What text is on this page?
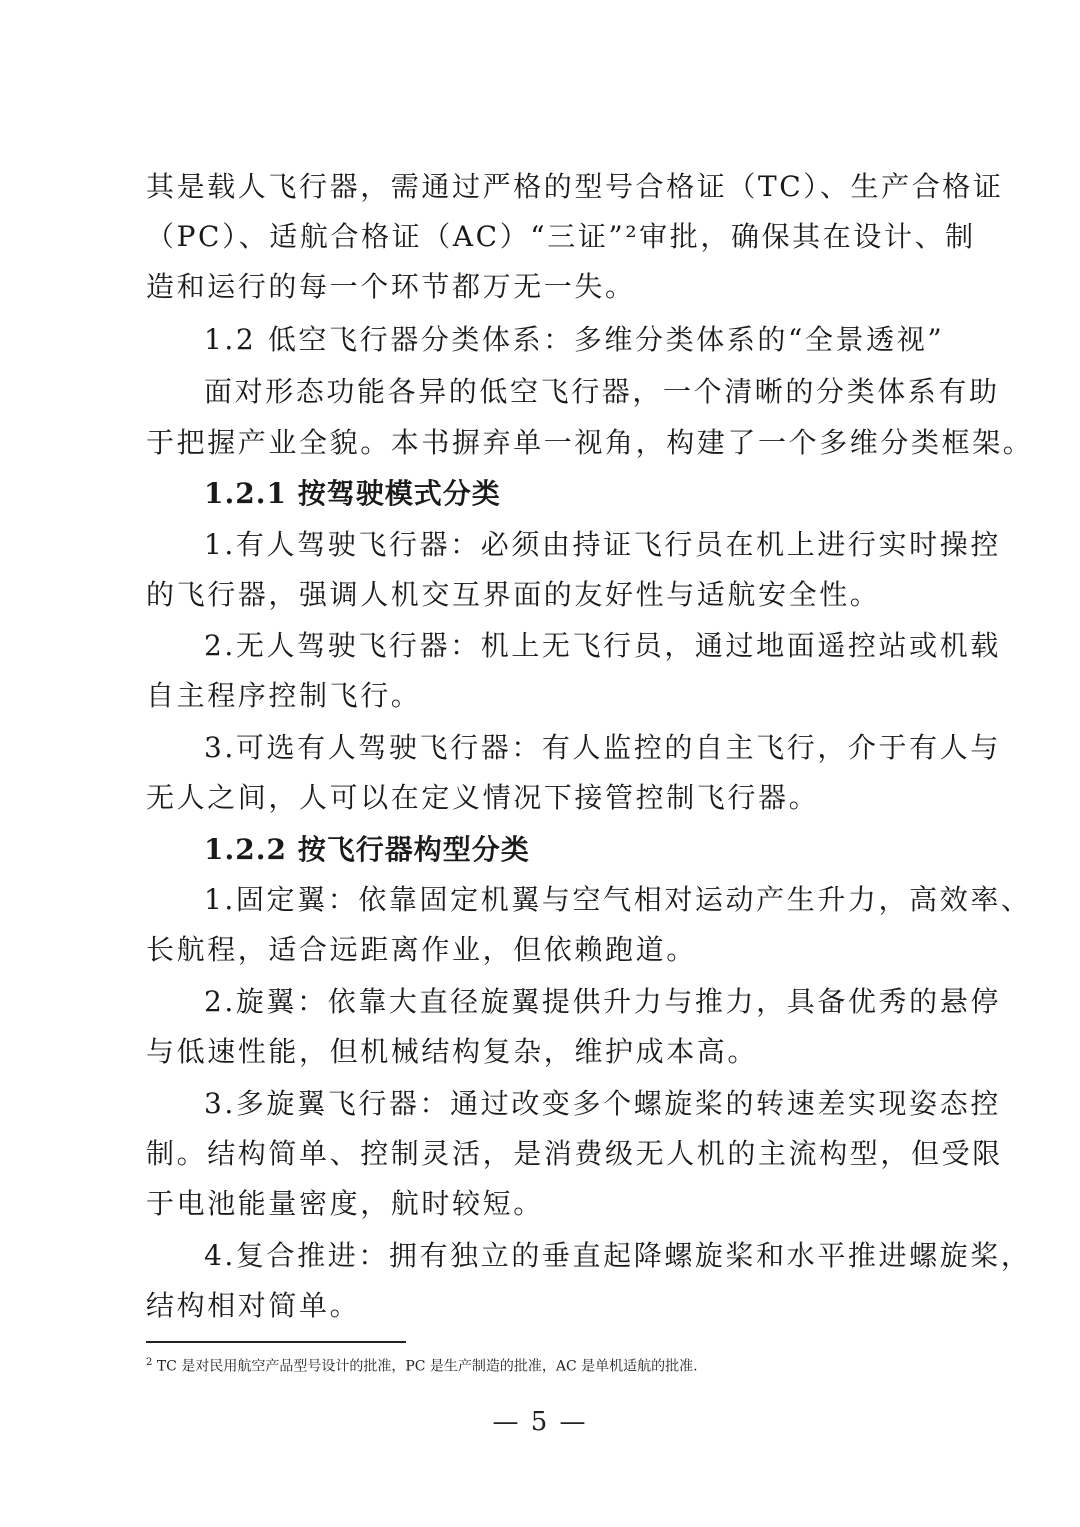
其是载人飞行器，需通过严格的型号合格证（TC）、生产合格证
（PC）、适航合格证（AC）“三证”²审批，确保其在设计、制
造和运行的每一个环节都万无一失。
1.2 低空飞行器分类体系：多维分类体系的“全景透视”
面对形态功能各异的低空飞行器，一个清晰的分类体系有助
于把握产业全貌。本书摒弃单一视角，构建了一个多维分类框架。
1.2.1 按驾驶模式分类
1.有人驾驶飞行器：必须由持证飞行员在机上进行实时操控
的飞行器，强调人机交互界面的友好性与适航安全性。
2.无人驾驶飞行器：机上无飞行员，通过地面遥控站或机载
自主程序控制飞行。
3.可选有人驾驶飞行器：有人监控的自主飞行，介于有人与
无人之间，人可以在定义情况下接管控制飞行器。
1.2.2 按飞行器构型分类
1.固定翼：依靠固定机翼与空气相对运动产生升力，高效率、
长航程，适合远距离作业，但依赖跑道。
2.旋翼：依靠大直径旋翼提供升力与推力，具备优秀的悬停
与低速性能，但机械结构复杂，维护成本高。
3.多旋翼飞行器：通过改变多个螺旋桨的转速差实现姿态控
制。结构简单、控制灵活，是消费级无人机的主流构型，但受限
于电池能量密度，航时较短。
4.复合推进：拥有独立的垂直起降螺旋桨和水平推进螺旋桨，
结构相对简单。
$^2$ TC 是对民用航空产品型号设计的批准，PC 是生产制造的批准，AC 是单机适航的批准.
— 5 —
